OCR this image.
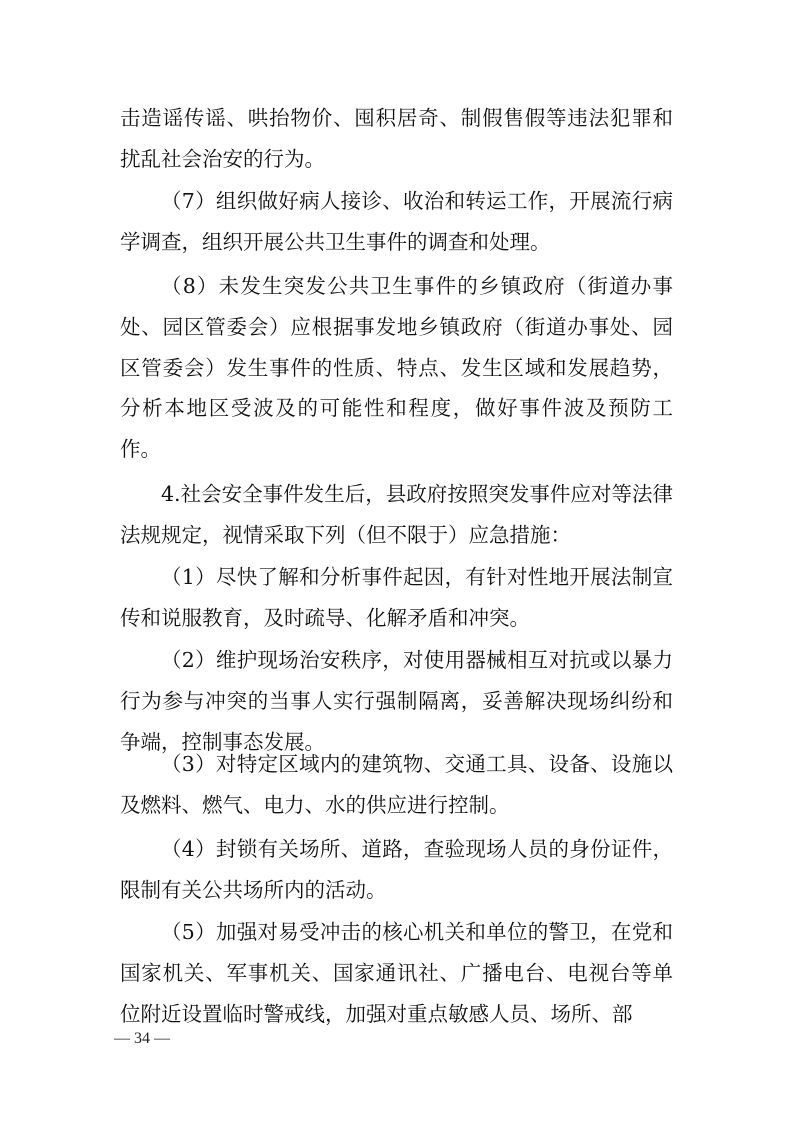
击造谣传谣、哄抬物价、囤积居奇、制假售假等违法犯罪和扰乱社会治安的行为。

（7）组织做好病人接诊、收治和转运工作，开展流行病学调查，组织开展公共卫生事件的调查和处理。

（8）未发生突发公共卫生事件的乡镇政府（街道办事处、园区管委会）应根据事发地乡镇政府（街道办事处、园区管委会）发生事件的性质、特点、发生区域和发展趋势，分析本地区受波及的可能性和程度，做好事件波及预防工作。

4.社会安全事件发生后，县政府按照突发事件应对等法律法规规定，视情采取下列（但不限于）应急措施：

（1）尽快了解和分析事件起因，有针对性地开展法制宣传和说服教育，及时疏导、化解矛盾和冲突。

（2）维护现场治安秩序，对使用器械相互对抗或以暴力行为参与冲突的当事人实行强制隔离，妥善解决现场纠纷和争端，控制事态发展。

（3）对特定区域内的建筑物、交通工具、设备、设施以及燃料、燃气、电力、水的供应进行控制。

（4）封锁有关场所、道路，查验现场人员的身份证件，限制有关公共场所内的活动。

（5）加强对易受冲击的核心机关和单位的警卫，在党和国家机关、军事机关、国家通讯社、广播电台、电视台等单位附近设置临时警戒线，加强对重点敏感人员、场所、部

— 34 —
